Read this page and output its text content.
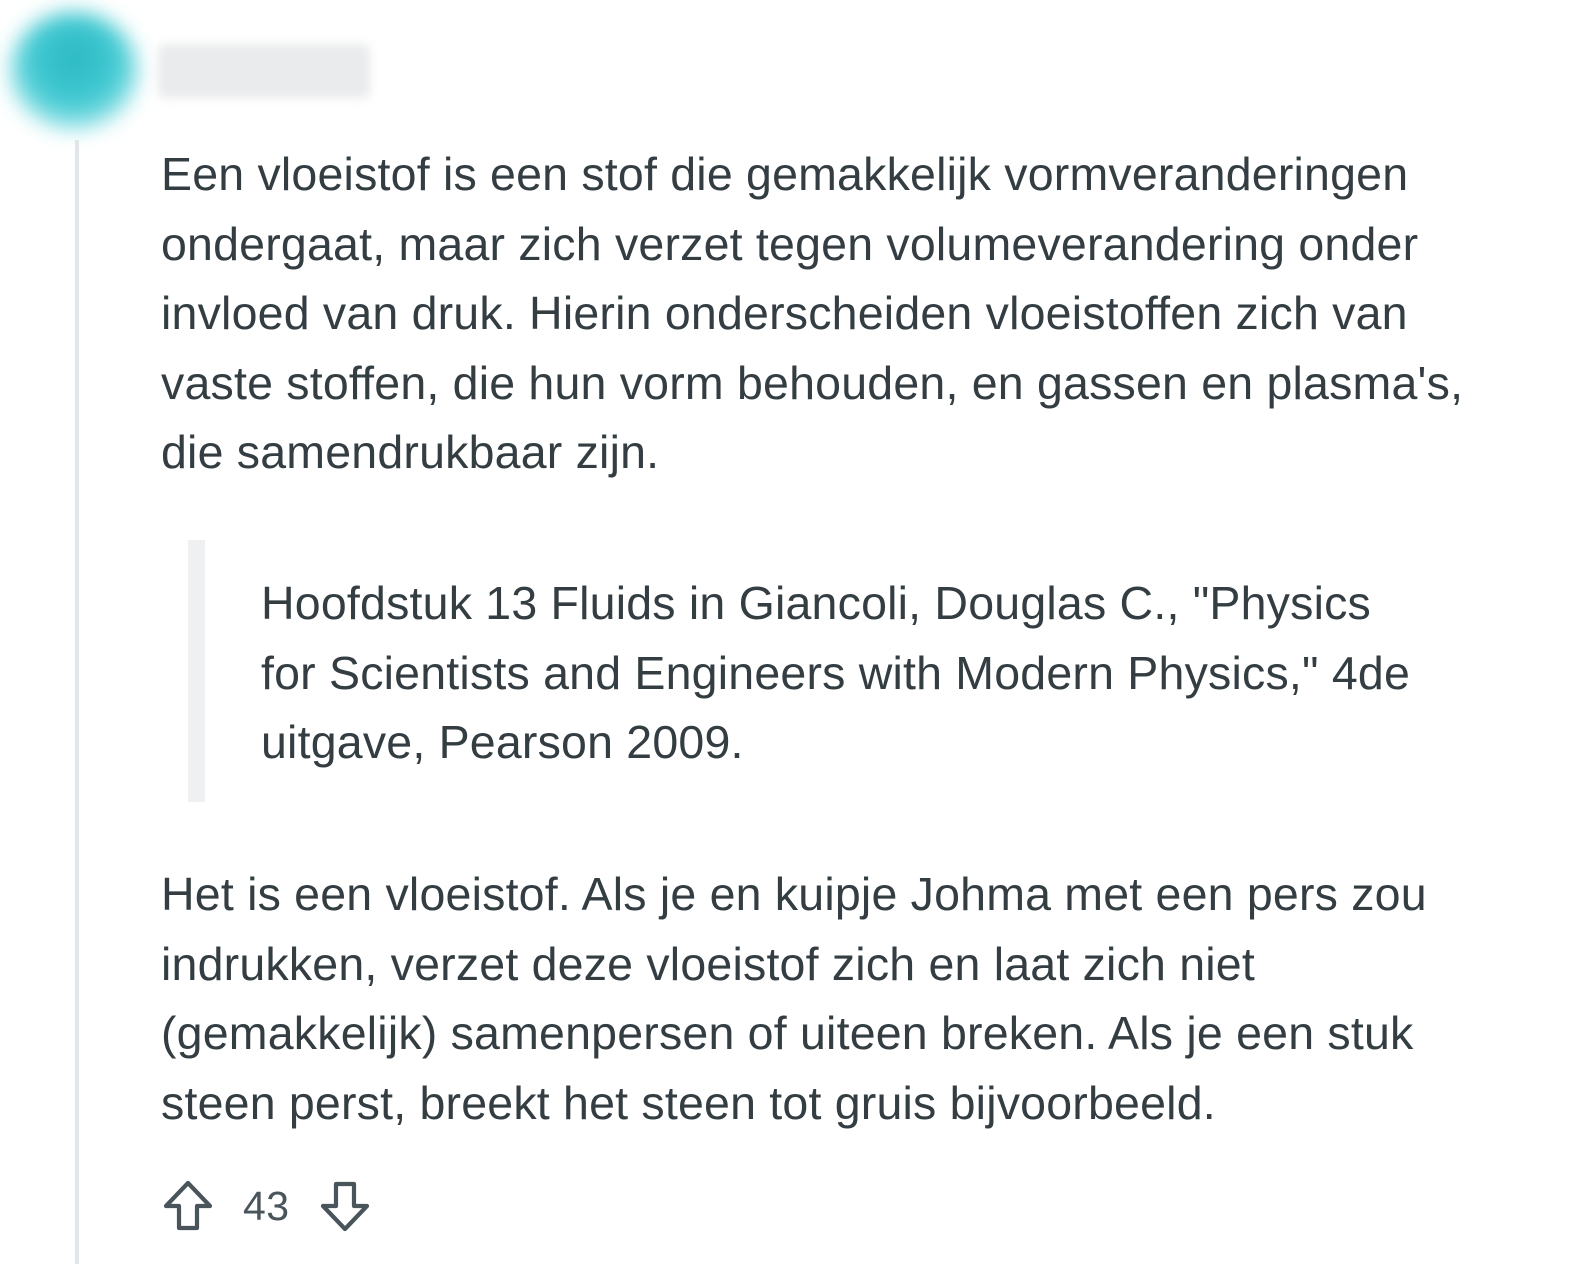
Een vloeistof is een stof die gemakkelijk vormveranderingen
ondergaat, maar zich verzet tegen volumeverandering onder
invloed van druk. Hierin onderscheiden vloeistoffen zich van
vaste stoffen, die hun vorm behouden, en gassen en plasma's,
die samendrukbaar zijn.

Hoofdstuk 13 Fluids in Giancoli, Douglas C., "Physics
for Scientists and Engineers with Modern Physics," 4de
uitgave, Pearson 2009.

Het is een vloeistof. Als je en kuipje Johma met een pers zou
indrukken, verzet deze vloeistof zich en laat zich niet
(gemakkelijk) samenpersen of uiteen breken. Als je een stuk
steen perst, breekt het steen tot gruis bijvoorbeeld.

43
